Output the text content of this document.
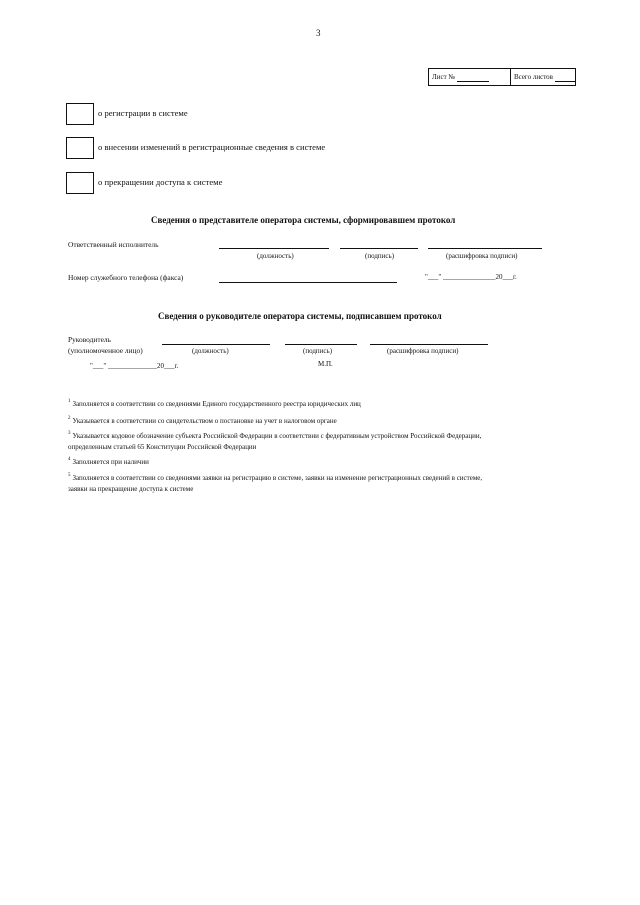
3
Лист №	Всего листов
о регистрации в системе
о внесении изменений в регистрационные сведения в системе
о прекращении доступа к системе
Сведения о представителе оператора системы, сформировавшем протокол
Ответственный исполнитель
(должность)	(подпись)	(расшифровка подписи)
Номер служебного телефона (факса)	"___" _______________20___г.
Сведения о руководителе оператора системы, подписавшем протокол
Руководитель
(уполномоченное лицо)	(должность)	(подпись)	(расшифровка подписи)
"___" ______________20___г.	М.П.
$^1$ Заполняется в соответствии со сведениями Единого государственного реестра юридических лиц
$^2$ Указывается в соответствии со свидетельством о постановке на учет в налоговом органе
$^3$ Указывается кодовое обозначение субъекта Российской Федерации в соответствии с федеративным устройством Российской Федерации,
определенным статьей 65 Конституции Российской Федерации
$^4$ Заполняется при наличии
$^5$ Заполняется в соответствии со сведениями заявки на регистрацию в системе, заявки на изменение регистрационных сведений в системе,
заявки на прекращение доступа к системе
